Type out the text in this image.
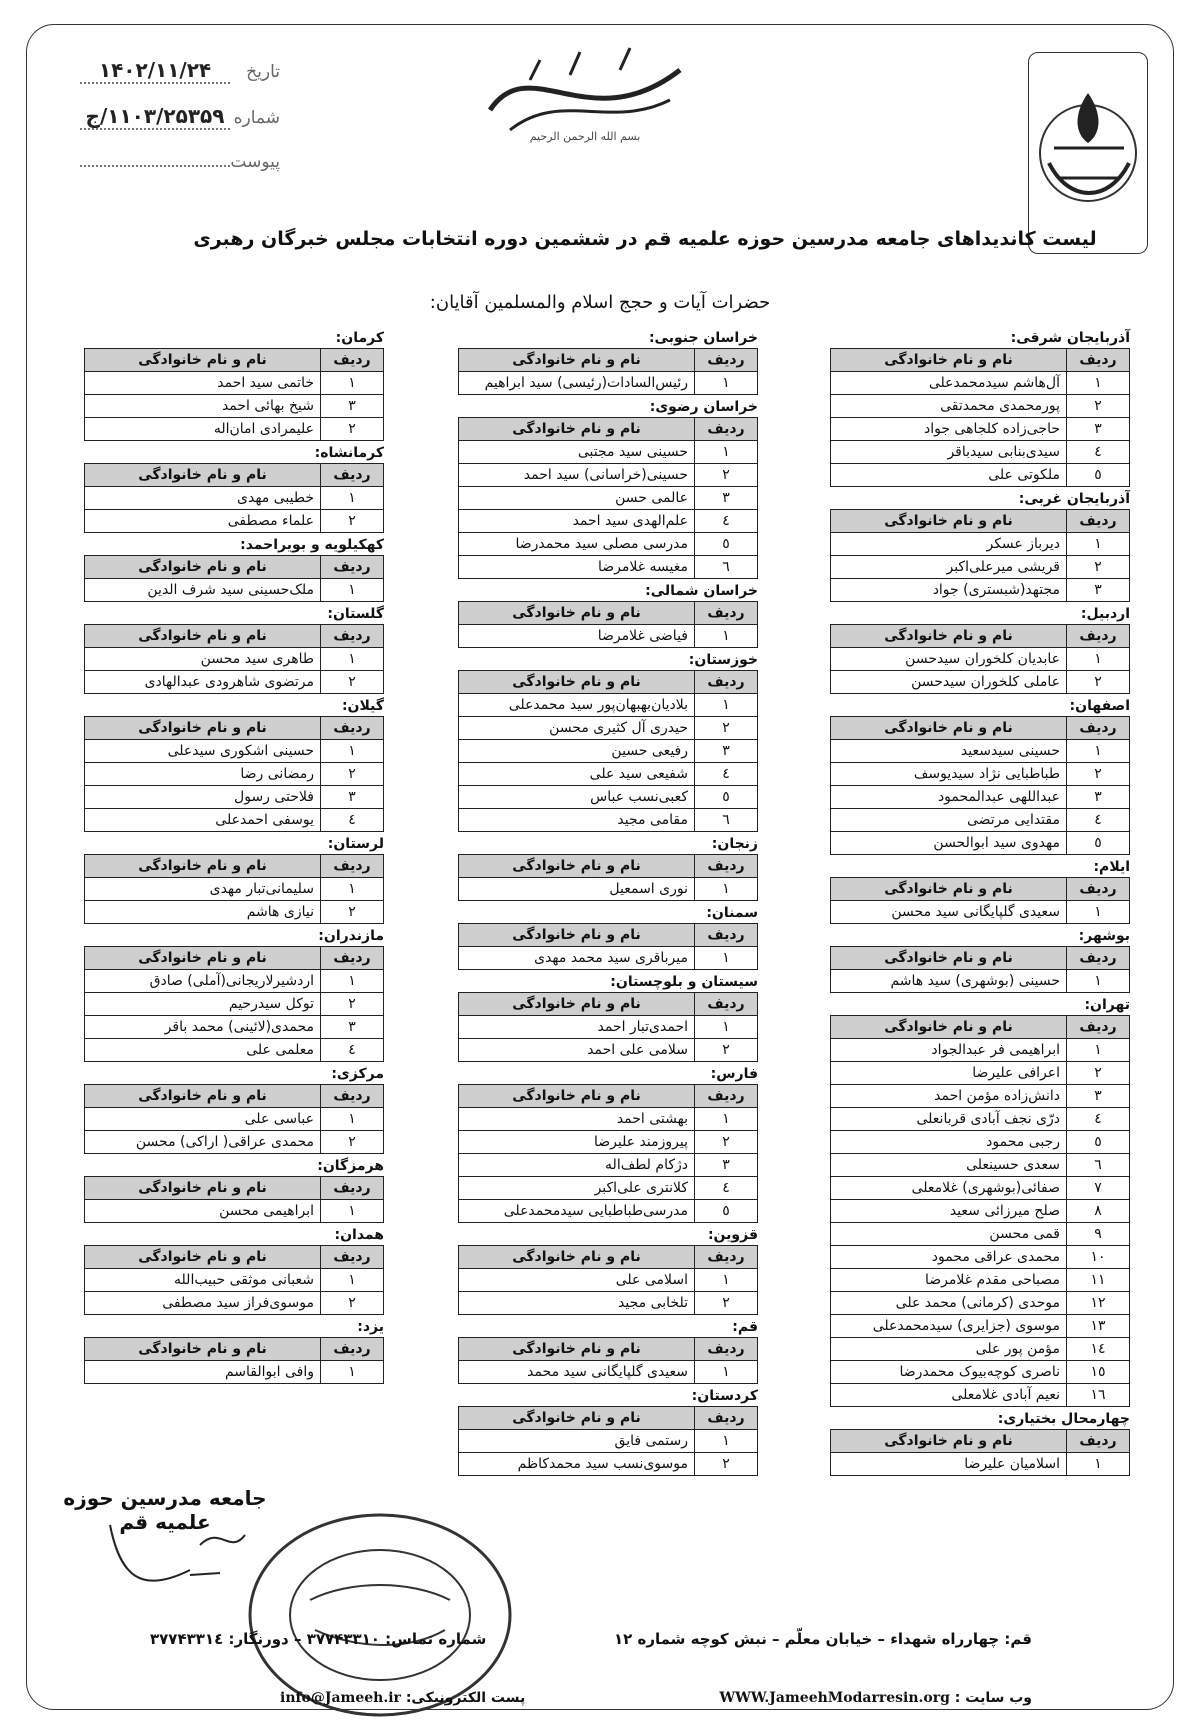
تاریخ۱۴۰۲/۱۱/۲۴
شماره۱۱۰۳/۲۵۳۵۹/ج
پیوست
بسم الله الرحمن الرحیم
لیست کاندیداهای جامعه مدرسین حوزه علمیه قم در ششمین دوره انتخابات مجلس خبرگان رهبری
حضرات آیات و حجج اسلام والمسلمین آقایان:
آذربایجان شرقی:
ردیف	نام و نام خانوادگی
۱	آل‌هاشم سیدمحمدعلی
۲	پورمحمدی محمدتقی
۳	حاجی‌زاده کلجاهی جواد
٤	سیدی‌بنابی سیدباقر
٥	ملکوتی علی
آذربایجان غربی:
ردیف	نام و نام خانوادگی
۱	دیرباز عسکر
۲	قریشی میرعلی‌اکبر
۳	مجتهد(شبستری) جواد
اردبیل:
ردیف	نام و نام خانوادگی
۱	عابدیان کلخوران سیدحسن
۲	عاملی کلخوران سیدحسن
اصفهان:
ردیف	نام و نام خانوادگی
۱	حسینی سیدسعید
۲	طباطبایی نژاد سیدیوسف
۳	عبداللهی عبدالمحمود
٤	مقتدایی مرتضی
٥	مهدوی سید ابوالحسن
ایلام:
ردیف	نام و نام خانوادگی
۱	سعیدی گلپایگانی سید محسن
بوشهر:
ردیف	نام و نام خانوادگی
۱	حسینی (بوشهری) سید هاشم
تهران:
ردیف	نام و نام خانوادگی
۱	ابراهیمی فر عبدالجواد
۲	اعرافی علیرضا
۳	دانش‌زاده مؤمن احمد
٤	درّی نجف آبادی قربانعلی
٥	رجبی محمود
٦	سعدی حسینعلی
۷	صفائی(بوشهری) غلامعلی
۸	صلح میرزائی سعید
۹	قمی محسن
۱۰	محمدی عراقی محمود
۱۱	مصباحی مقدم غلامرضا
۱۲	موحدی (کرمانی) محمد علی
۱۳	موسوی (جزایری) سیدمحمدعلی
۱٤	مؤمن پور علی
۱٥	ناصری کوچه‌بیوک محمدرضا
۱٦	نعیم آبادی غلامعلی
چهارمحال بختیاری:
ردیف	نام و نام خانوادگی
۱	اسلامیان علیرضا
خراسان جنوبی:
ردیف	نام و نام خانوادگی
۱	رئیس‌السادات(رئیسی) سید ابراهیم
خراسان رضوی:
ردیف	نام و نام خانوادگی
۱	حسینی سید مجتبی
۲	حسینی(خراسانی) سید احمد
۳	عالمی حسن
٤	علم‌الهدی سید احمد
٥	مدرسی مصلی سید محمدرضا
٦	مغیسه غلامرضا
خراسان شمالی:
ردیف	نام و نام خانوادگی
۱	فیاضی غلامرضا
خوزستان:
ردیف	نام و نام خانوادگی
۱	بلادیان‌بهبهان‌پور سید محمدعلی
۲	حیدری آل کثیری محسن
۳	رفیعی حسین
٤	شفیعی سید علی
٥	کعبی‌نسب عباس
٦	مقامی مجید
زنجان:
ردیف	نام و نام خانوادگی
۱	نوری اسمعیل
سمنان:
ردیف	نام و نام خانوادگی
۱	میرباقری سید محمد مهدی
سیستان و بلوچستان:
ردیف	نام و نام خانوادگی
۱	احمدی‌تبار احمد
۲	سلامی علی احمد
فارس:
ردیف	نام و نام خانوادگی
۱	بهشتی احمد
۲	پیروزمند علیرضا
۳	دژکام لطف‌اله
٤	کلانتری علی‌اکبر
٥	مدرسی‌طباطبایی سیدمحمدعلی
قزوین:
ردیف	نام و نام خانوادگی
۱	اسلامی علی
۲	تلخابی مجید
قم:
ردیف	نام و نام خانوادگی
۱	سعیدی گلپایگانی سید محمد
کردستان:
ردیف	نام و نام خانوادگی
۱	رستمی فایق
۲	موسوی‌نسب سید محمدکاظم
کرمان:
ردیف	نام و نام خانوادگی
۱	خاتمی سید احمد
۳	شیخ بهائی احمد
۲	علیمرادی امان‌اله
کرمانشاه:
ردیف	نام و نام خانوادگی
۱	خطیبی مهدی
۲	علماء مصطفی
کهکیلویه و بویراحمد:
ردیف	نام و نام خانوادگی
۱	ملک‌حسینی سید شرف الدین
گلستان:
ردیف	نام و نام خانوادگی
۱	طاهری سید محسن
۲	مرتضوی شاهرودی عبدالهادی
گیلان:
ردیف	نام و نام خانوادگی
۱	حسینی اشکوری سیدعلی
۲	رمضانی رضا
۳	فلاحتی رسول
٤	یوسفی احمدعلی
لرستان:
ردیف	نام و نام خانوادگی
۱	سلیمانی‌تبار مهدی
۲	نیازی هاشم
مازندران:
ردیف	نام و نام خانوادگی
۱	اردشیرلاریجانی(آملی) صادق
۲	توکل سیدرحیم
۳	محمدی(لائینی) محمد باقر
٤	معلمی علی
مرکزی:
ردیف	نام و نام خانوادگی
۱	عباسی علی
۲	محمدی عراقی( اراکی) محسن
هرمزگان:
ردیف	نام و نام خانوادگی
۱	ابراهیمی محسن
همدان:
ردیف	نام و نام خانوادگی
۱	شعبانی موثقی حبیب‌الله
۲	موسوی‌فراز سید مصطفی
یزد:
ردیف	نام و نام خانوادگی
۱	وافی ابوالقاسم
جامعه مدرسین حوزه علمیه قم
قم: چهارراه شهداء – خیابان معلّم – نبش کوچه شماره ۱۲
شماره تماس: ۳۷۷۴۳۳۱۰ – دورنگار: ۳۷۷۴۳۳۱٤
وب سایت : WWW.JameehModarresin.org
پست الکترونیکی: info@Jameeh.ir
